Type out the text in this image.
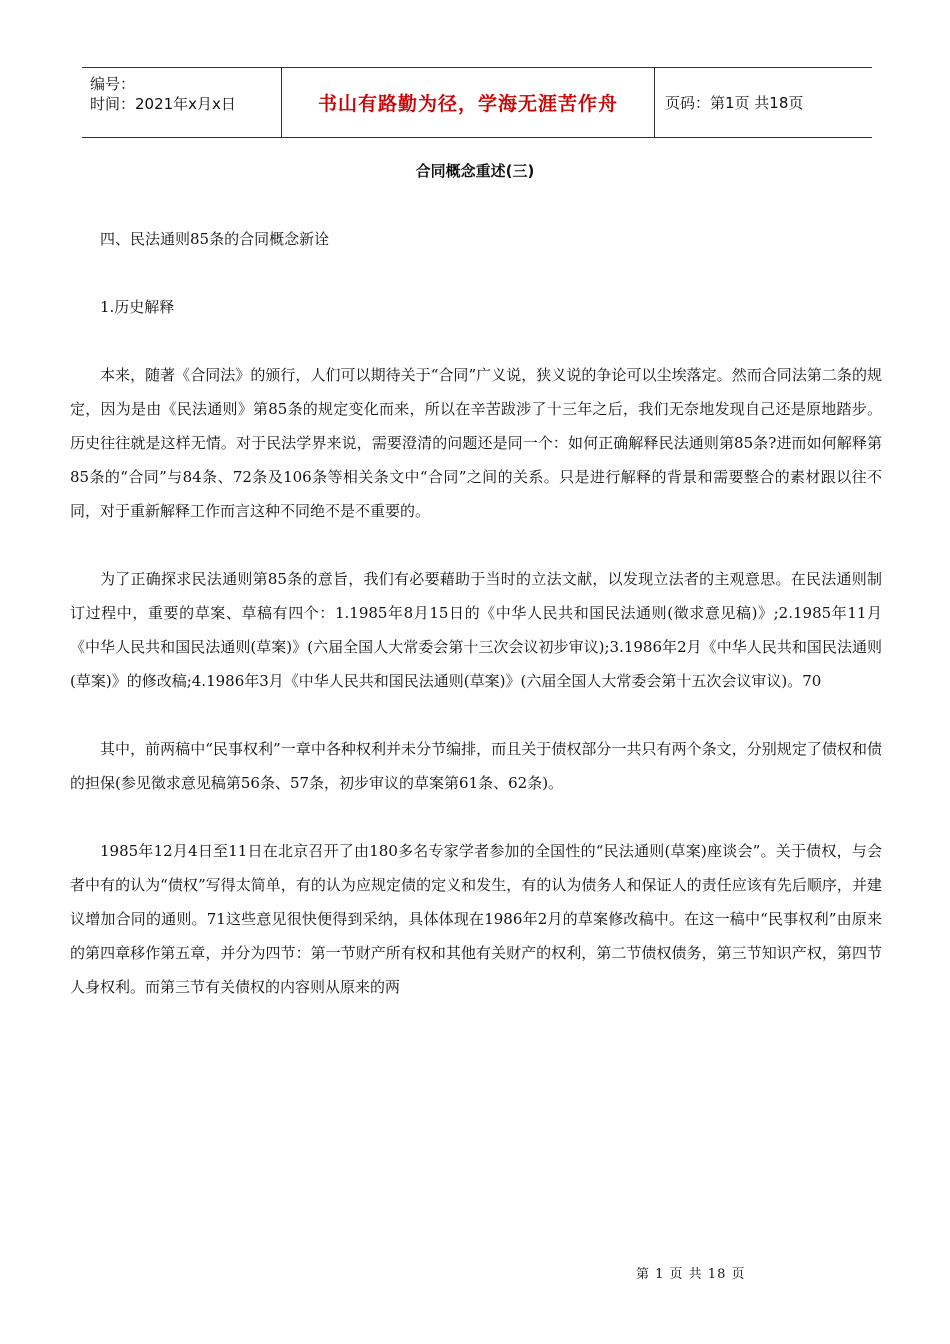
编号：
时间：2021年x月x日	书山有路勤为径，学海无涯苦作舟	页码：第1页 共18页
合同概念重述(三)

四、民法通则85条的合同概念新诠

1.历史解释

本来，随著《合同法》的颁行，人们可以期待关于“合同”广义说，狭义说的争论可以尘埃落定。然而合同法第二条的规定，因为是由《民法通则》第85条的规定变化而来，所以在辛苦跋涉了十三年之后，我们无奈地发现自己还是原地踏步。历史往往就是这样无情。对于民法学界来说，需要澄清的问题还是同一个：如何正确解释民法通则第85条?进而如何解释第85条的“合同”与84条、72条及106条等相关条文中“合同”之间的关系。只是进行解释的背景和需要整合的素材跟以往不同，对于重新解释工作而言这种不同绝不是不重要的。

为了正确探求民法通则第85条的意旨，我们有必要藉助于当时的立法文献，以发现立法者的主观意思。在民法通则制订过程中，重要的草案、草稿有四个：1.1985年8月15日的《中华人民共和国民法通则(徵求意见稿)》;2.1985年11月《中华人民共和国民法通则(草案)》(六届全国人大常委会第十三次会议初步审议);3.1986年2月《中华人民共和国民法通则(草案)》的修改稿;4.1986年3月《中华人民共和国民法通则(草案)》(六届全国人大常委会第十五次会议审议)。70

其中，前两稿中“民事权利”一章中各种权利并未分节编排，而且关于债权部分一共只有两个条文，分别规定了债权和债的担保(参见徵求意见稿第56条、57条，初步审议的草案第61条、62条)。

1985年12月4日至11日在北京召开了由180多名专家学者参加的全国性的“民法通则(草案)座谈会”。关于债权，与会者中有的认为“债权”写得太简单，有的认为应规定债的定义和发生，有的认为债务人和保证人的责任应该有先后顺序，并建议增加合同的通则。71这些意见很快便得到采纳，具体体现在1986年2月的草案修改稿中。在这一稿中“民事权利”由原来的第四章移作第五章，并分为四节：第一节财产所有权和其他有关财产的权利，第二节债权债务，第三节知识产权，第四节人身权利。而第三节有关债权的内容则从原来的两

第 1 页 共 18 页
